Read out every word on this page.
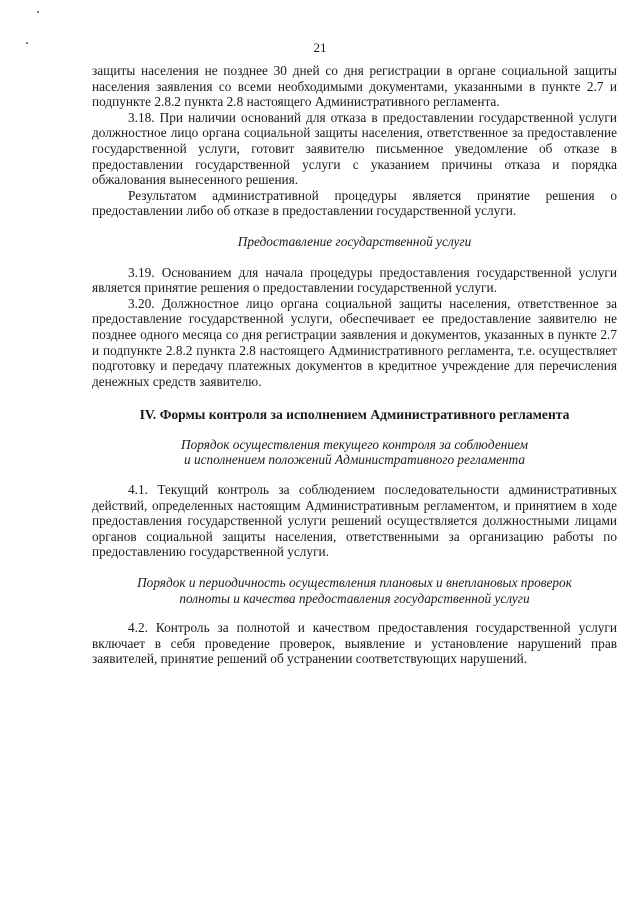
21

защиты населения не позднее 30 дней со дня регистрации в органе социальной защиты населения заявления со всеми необходимыми документами, указанными в пункте 2.7 и подпункте 2.8.2 пункта 2.8 настоящего Административного регламента.

3.18. При наличии оснований для отказа в предоставлении государственной услуги должностное лицо органа социальной защиты населения, ответственное за предоставление государственной услуги, готовит заявителю письменное уведомление об отказе в предоставлении государственной услуги с указанием причины отказа и порядка обжалования вынесенного решения.

Результатом административной процедуры является принятие решения о предоставлении либо об отказе в предоставлении государственной услуги.

Предоставление государственной услуги

3.19. Основанием для начала процедуры предоставления государственной услуги является принятие решения о предоставлении государственной услуги.

3.20. Должностное лицо органа социальной защиты населения, ответственное за предоставление государственной услуги, обеспечивает ее предоставление заявителю не позднее одного месяца со дня регистрации заявления и документов, указанных в пункте 2.7 и подпункте 2.8.2 пункта 2.8 настоящего Административного регламента, т.е. осуществляет подготовку и передачу платежных документов в кредитное учреждение для перечисления денежных средств заявителю.

IV. Формы контроля за исполнением Административного регламента

Порядок осуществления текущего контроля за соблюдением

и исполнением положений Административного регламента

4.1. Текущий контроль за соблюдением последовательности административных действий, определенных настоящим Административным регламентом, и принятием в ходе предоставления государственной услуги решений осуществляется должностными лицами органов социальной защиты населения, ответственными за организацию работы по предоставлению государственной услуги.

Порядок и периодичность осуществления плановых и внеплановых проверок

полноты и качества предоставления государственной услуги

4.2. Контроль за полнотой и качеством предоставления государственной услуги включает в себя проведение проверок, выявление и установление нарушений прав заявителей, принятие решений об устранении соответствующих нарушений.
